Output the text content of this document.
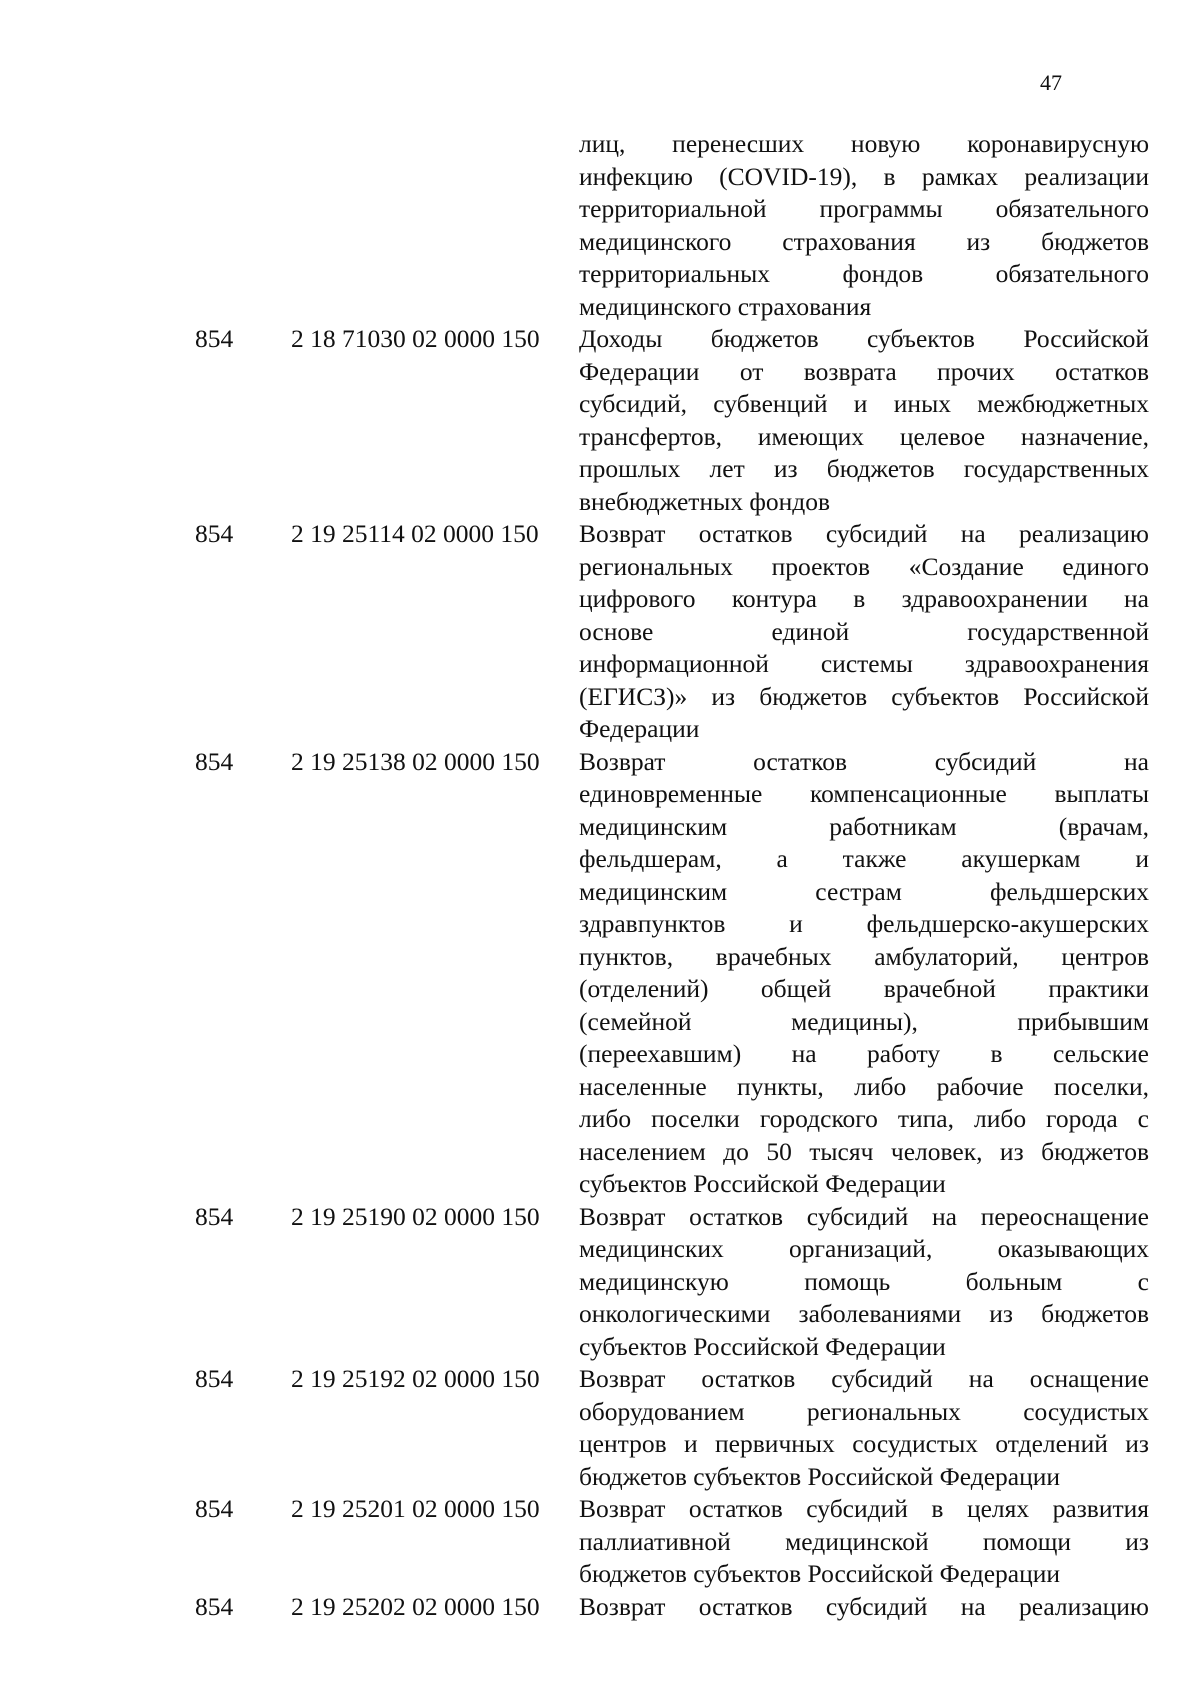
47
лиц, перенесших новую коронавирусную
инфекцию (COVID-19), в рамках реализации
территориальной программы обязательного
медицинского страхования из бюджетов
территориальных фондов обязательного
медицинского страхования
854	2 18 71030 02 0000 150	Доходы бюджетов субъектов Российской
Федерации от возврата прочих остатков
субсидий, субвенций и иных межбюджетных
трансфертов, имеющих целевое назначение,
прошлых лет из бюджетов государственных
внебюджетных фондов
854	2 19 25114 02 0000 150	Возврат остатков субсидий на реализацию
региональных проектов «Создание единого
цифрового контура в здравоохранении на
основе единой государственной
информационной системы здравоохранения
(ЕГИСЗ)» из бюджетов субъектов Российской
Федерации
854	2 19 25138 02 0000 150	Возврат остатков субсидий на
единовременные компенсационные выплаты
медицинским работникам (врачам,
фельдшерам, а также акушеркам и
медицинским сестрам фельдшерских
здравпунктов и фельдшерско-акушерских
пунктов, врачебных амбулаторий, центров
(отделений) общей врачебной практики
(семейной медицины), прибывшим
(переехавшим) на работу в сельские
населенные пункты, либо рабочие поселки,
либо поселки городского типа, либо города с
населением до 50 тысяч человек, из бюджетов
субъектов Российской Федерации
854	2 19 25190 02 0000 150	Возврат остатков субсидий на переоснащение
медицинских организаций, оказывающих
медицинскую помощь больным с
онкологическими заболеваниями из бюджетов
субъектов Российской Федерации
854	2 19 25192 02 0000 150	Возврат остатков субсидий на оснащение
оборудованием региональных сосудистых
центров и первичных сосудистых отделений из
бюджетов субъектов Российской Федерации
854	2 19 25201 02 0000 150	Возврат остатков субсидий в целях развития
паллиативной медицинской помощи из
бюджетов субъектов Российской Федерации
854	2 19 25202 02 0000 150	Возврат остатков субсидий на реализацию
